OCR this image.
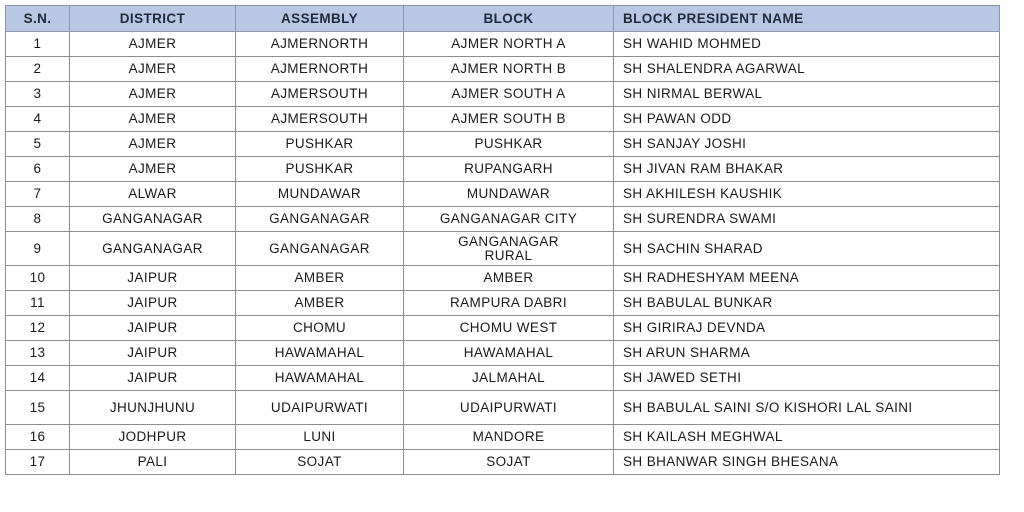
S.N.	DISTRICT	ASSEMBLY	BLOCK	BLOCK PRESIDENT NAME
1	AJMER	AJMERNORTH	AJMER NORTH A	SH WAHID MOHMED
2	AJMER	AJMERNORTH	AJMER NORTH B	SH SHALENDRA AGARWAL
3	AJMER	AJMERSOUTH	AJMER SOUTH A	SH NIRMAL BERWAL
4	AJMER	AJMERSOUTH	AJMER SOUTH B	SH PAWAN ODD
5	AJMER	PUSHKAR	PUSHKAR	SH SANJAY JOSHI
6	AJMER	PUSHKAR	RUPANGARH	SH JIVAN RAM BHAKAR
7	ALWAR	MUNDAWAR	MUNDAWAR	SH AKHILESH KAUSHIK
8	GANGANAGAR	GANGANAGAR	GANGANAGAR CITY	SH SURENDRA SWAMI
9	GANGANAGAR	GANGANAGAR	GANGANAGAR RURAL	SH SACHIN SHARAD
10	JAIPUR	AMBER	AMBER	SH RADHESHYAM MEENA
11	JAIPUR	AMBER	RAMPURA DABRI	SH BABULAL BUNKAR
12	JAIPUR	CHOMU	CHOMU WEST	SH GIRIRAJ DEVNDA
13	JAIPUR	HAWAMAHAL	HAWAMAHAL	SH ARUN SHARMA
14	JAIPUR	HAWAMAHAL	JALMAHAL	SH JAWED SETHI
15	JHUNJHUNU	UDAIPURWATI	UDAIPURWATI	SH BABULAL SAINI S/O KISHORI LAL SAINI
16	JODHPUR	LUNI	MANDORE	SH KAILASH MEGHWAL
17	PALI	SOJAT	SOJAT	SH BHANWAR SINGH BHESANA
